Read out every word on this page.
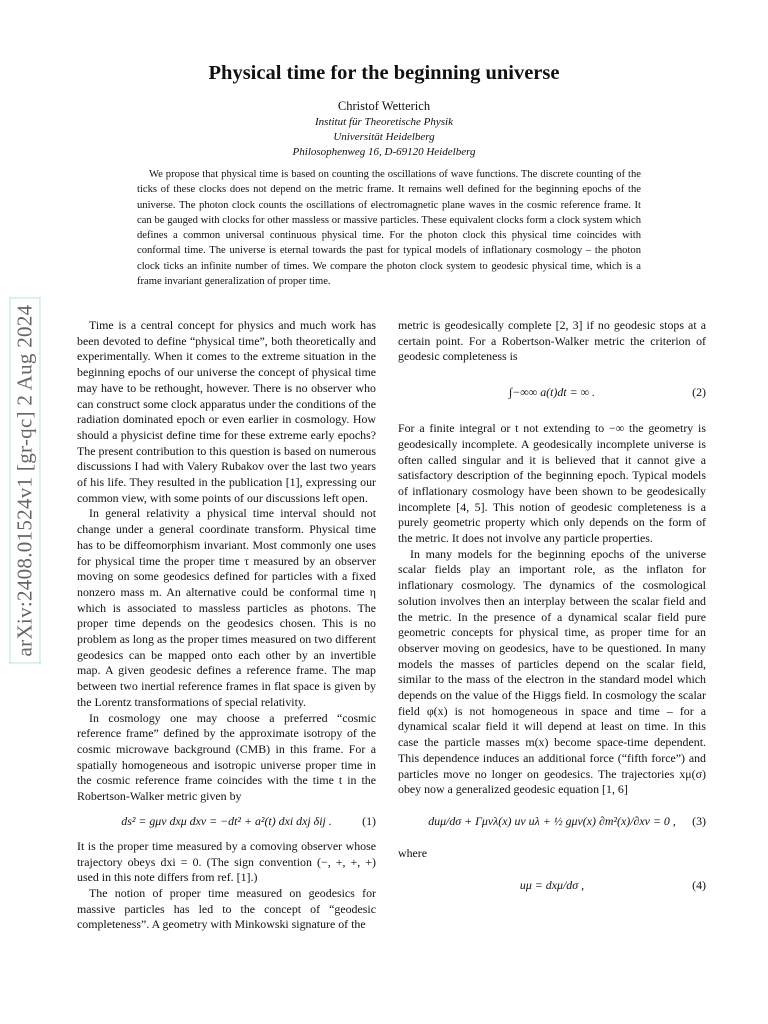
arXiv:2408.01524v1 [gr-qc] 2 Aug 2024
Physical time for the beginning universe
Christof Wetterich
Institut für Theoretische Physik
Universität Heidelberg
Philosophenweg 16, D-69120 Heidelberg

We propose that physical time is based on counting the oscillations of wave functions. The discrete counting of the ticks of these clocks does not depend on the metric frame. It remains well defined for the beginning epochs of the universe. The photon clock counts the oscillations of electromagnetic plane waves in the cosmic reference frame. It can be gauged with clocks for other massless or massive particles. These equivalent clocks form a clock system which defines a common universal continuous physical time. For the photon clock this physical time coincides with conformal time. The universe is eternal towards the past for typical models of inflationary cosmology – the photon clock ticks an infinite number of times. We compare the photon clock system to geodesic physical time, which is a frame invariant generalization of proper time.

Time is a central concept for physics and much work has been devoted to define “physical time”, both theoretically and experimentally. When it comes to the extreme situation in the beginning epochs of our universe the concept of physical time may have to be rethought, however. There is no observer who can construct some clock apparatus under the conditions of the radiation dominated epoch or even earlier in cosmology. How should a physicist define time for these extreme early epochs? The present contribution to this question is based on numerous discussions I had with Valery Rubakov over the last two years of his life. They resulted in the publication [1], expressing our common view, with some points of our discussions left open.

In general relativity a physical time interval should not change under a general coordinate transform. Physical time has to be diffeomorphism invariant. Most commonly one uses for physical time the proper time τ measured by an observer moving on some geodesics defined for particles with a fixed nonzero mass m. An alternative could be conformal time η which is associated to massless particles as photons. The proper time depends on the geodesics chosen. This is no problem as long as the proper times measured on two different geodesics can be mapped onto each other by an invertible map. A given geodesic defines a reference frame. The map between two inertial reference frames in flat space is given by the Lorentz transformations of special relativity.

In cosmology one may choose a preferred “cosmic reference frame” defined by the approximate isotropy of the cosmic microwave background (CMB) in this frame. For a spatially homogeneous and isotropic universe proper time in the cosmic reference frame coincides with the time t in the Robertson-Walker metric given by

ds² = gμν dxμ dxν = −dt² + a²(t) dxi dxj δij .	(1)

It is the proper time measured by a comoving observer whose trajectory obeys dxi = 0. (The sign convention (−, +, +, +) used in this note differs from ref. [1].)

The notion of proper time measured on geodesics for massive particles has led to the concept of “geodesic completeness”. A geometry with Minkowski signature of the

metric is geodesically complete [2, 3] if no geodesic stops at a certain point. For a Robertson-Walker metric the criterion of geodesic completeness is

∫−∞∞ a(t)dt = ∞ .	(2)

For a finite integral or t not extending to −∞ the geometry is geodesically incomplete. A geodesically incomplete universe is often called singular and it is believed that it cannot give a satisfactory description of the beginning epoch. Typical models of inflationary cosmology have been shown to be geodesically incomplete [4, 5]. This notion of geodesic completeness is a purely geometric property which only depends on the form of the metric. It does not involve any particle properties.

In many models for the beginning epochs of the universe scalar fields play an important role, as the inflaton for inflationary cosmology. The dynamics of the cosmological solution involves then an interplay between the scalar field and the metric. In the presence of a dynamical scalar field pure geometric concepts for physical time, as proper time for an observer moving on geodesics, have to be questioned. In many models the masses of particles depend on the scalar field, similar to the mass of the electron in the standard model which depends on the value of the Higgs field. In cosmology the scalar field φ(x) is not homogeneous in space and time – for a dynamical scalar field it will depend at least on time. In this case the particle masses m(x) become space-time dependent. This dependence induces an additional force (“fifth force”) and particles move no longer on geodesics. The trajectories xμ(σ) obey now a generalized geodesic equation [1, 6]

duμ/dσ + Γμνλ(x) uν uλ + ½ gμν(x) ∂m²(x)/∂xν = 0 , (3)

where

uμ = dxμ/dσ ,	(4)
